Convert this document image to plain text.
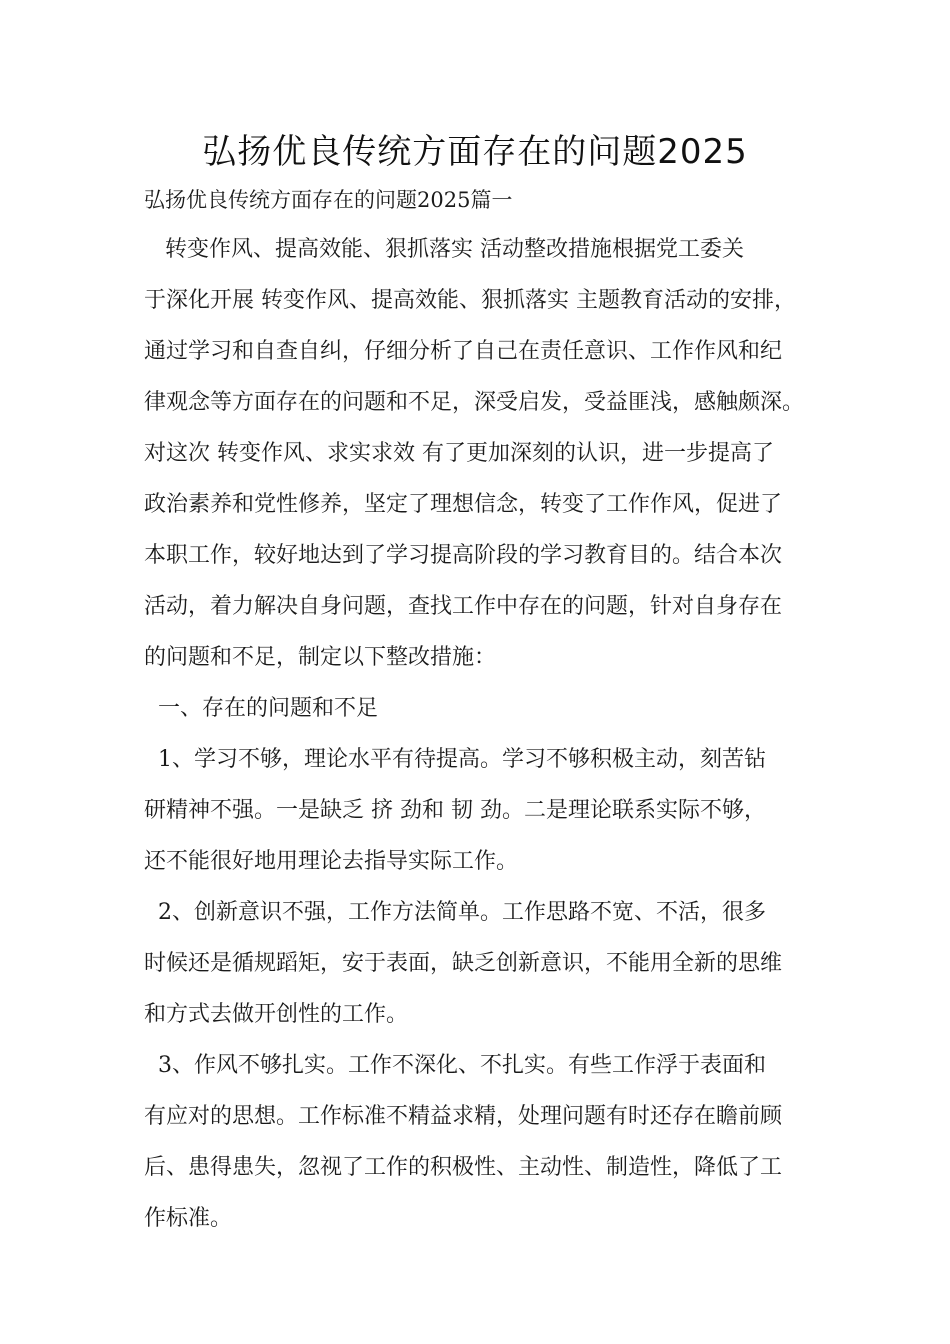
弘扬优良传统方面存在的问题2025
弘扬优良传统方面存在的问题2025篇一
转变作风、提高效能、狠抓落实 活动整改措施根据党工委关
于深化开展 转变作风、提高效能、狠抓落实 主题教育活动的安排，
通过学习和自查自纠，仔细分析了自己在责任意识、工作作风和纪
律观念等方面存在的问题和不足，深受启发，受益匪浅，感触颇深。
对这次 转变作风、求实求效 有了更加深刻的认识，进一步提高了
政治素养和党性修养，坚定了理想信念，转变了工作作风，促进了
本职工作，较好地达到了学习提高阶段的学习教育目的。结合本次
活动，着力解决自身问题，查找工作中存在的问题，针对自身存在
的问题和不足，制定以下整改措施：
一、存在的问题和不足
1、学习不够，理论水平有待提高。学习不够积极主动，刻苦钻
研精神不强。一是缺乏 挤 劲和 韧 劲。二是理论联系实际不够，
还不能很好地用理论去指导实际工作。
2、创新意识不强，工作方法简单。工作思路不宽、不活，很多
时候还是循规蹈矩，安于表面，缺乏创新意识，不能用全新的思维
和方式去做开创性的工作。
3、作风不够扎实。工作不深化、不扎实。有些工作浮于表面和
有应对的思想。工作标准不精益求精，处理问题有时还存在瞻前顾
后、患得患失，忽视了工作的积极性、主动性、制造性，降低了工
作标准。
